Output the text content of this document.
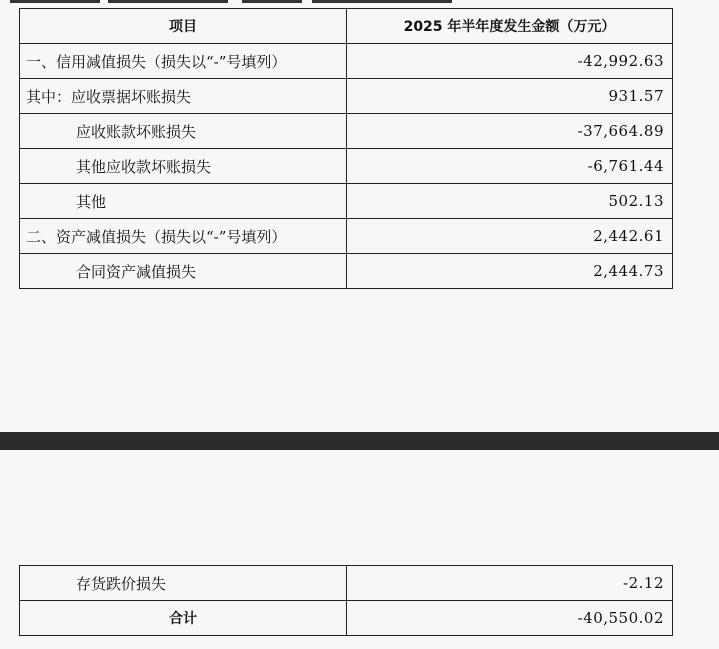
项目	2025 年半年度发生金额（万元）
一、信用减值损失（损失以“-”号填列）	-42,992.63
其中：应收票据坏账损失	931.57
应收账款坏账损失	-37,664.89
其他应收款坏账损失	-6,761.44
其他	502.13
二、资产减值损失（损失以“-”号填列）	2,442.61
合同资产减值损失	2,444.73
存货跌价损失	-2.12
合计	-40,550.02
